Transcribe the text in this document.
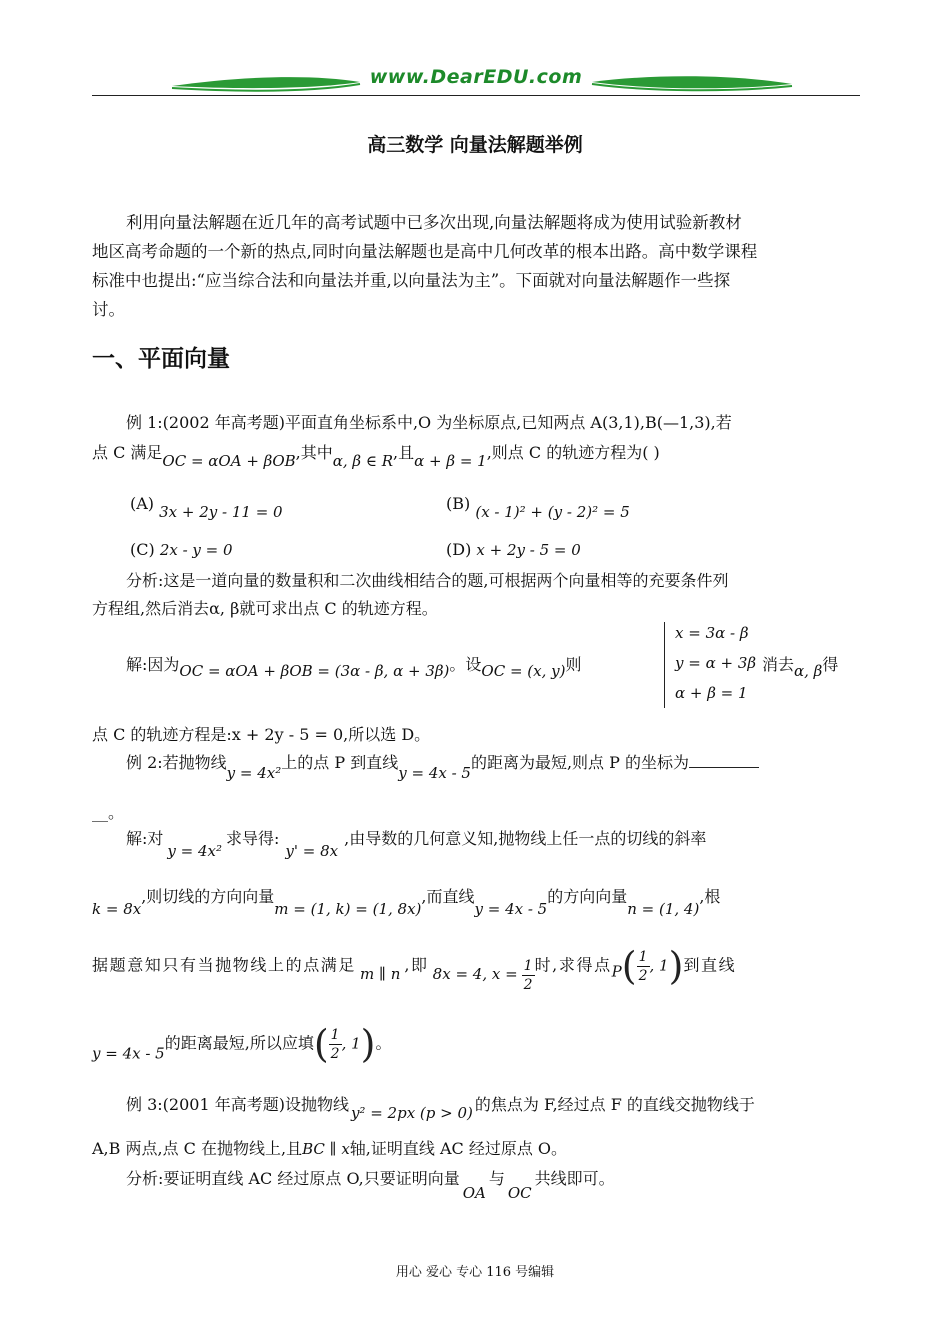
www.DearEDU.com
高三数学 向量法解题举例
利用向量法解题在近几年的高考试题中已多次出现,向量法解题将成为使用试验新教材
地区高考命题的一个新的热点,同时向量法解题也是高中几何改革的根本出路。高中数学课程
标准中也提出:“应当综合法和向量法并重,以向量法为主”。下面就对向量法解题作一些探
讨。
一、平面向量
例 1:(2002 年高考题)平面直角坐标系中,O 为坐标原点,已知两点 A(3,1),B(—1,3),若
点 C 满足OC = αOA + βOB,其中α, β ∈ R,且α + β = 1,则点 C 的轨迹方程为( )
(A) 3x + 2y - 11 = 0	(B) (x - 1)² + (y - 2)² = 5
(C) 2x - y = 0	(D) x + 2y - 5 = 0
分析:这是一道向量的数量积和二次曲线相结合的题,可根据两个向量相等的充要条件列
方程组,然后消去α, β就可求出点 C 的轨迹方程。
解:因为OC = αOA + βOB = (3α - β, α + 3β)。设OC = (x, y)则
x = 3α - β
y = α + 3β
α + β = 1
消去α, β得
点 C 的轨迹方程是:x + 2y - 5 = 0,所以选 D。
例 2:若抛物线y = 4x²上的点 P 到直线y = 4x - 5的距离为最短,则点 P 的坐标为
__。
解:对y = 4x²求导得:y' = 8x,由导数的几何意义知,抛物线上任一点的切线的斜率
k = 8x,则切线的方向向量m = (1, k) = (1, 8x),而直线y = 4x - 5的方向向量n = (1, 4),根
据题意知只有当抛物线上的点满足 m ∥ n ,即 8x = 4, $x = \frac{1}{2}$ 时,求得点$P( \frac{1}{2}$ , 1)到直线
y = 4x - 5的距离最短,所以应填( $\frac{1}{2}$ , 1)。
例 3:(2001 年高考题)设抛物线 y² = 2px (p > 0) 的焦点为 F,经过点 F 的直线交抛物线于
A,B 两点,点 C 在抛物线上,且BC ∥ x轴,证明直线 AC 经过原点 O。
分析:要证明直线 AC 经过原点 O,只要证明向量OA与OC共线即可。
用心 爱心 专心 116 号编辑
